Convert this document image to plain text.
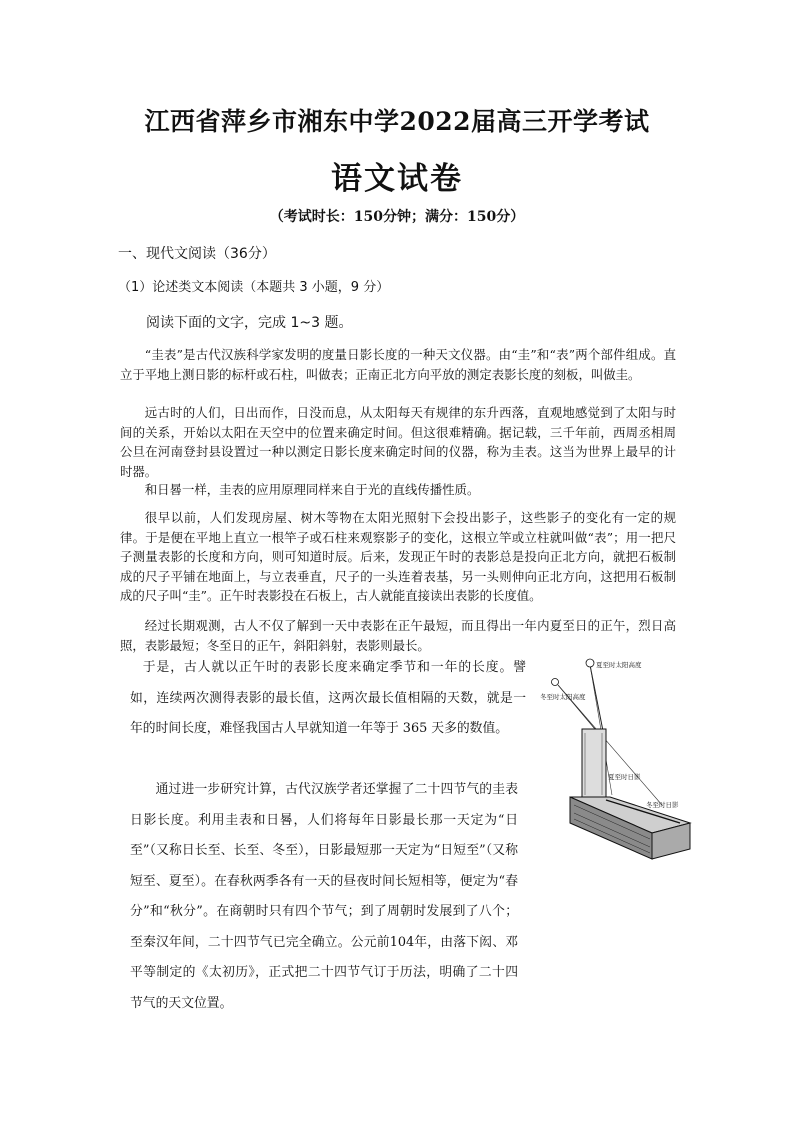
江西省萍乡市湘东中学2022届高三开学考试
语文试卷
（考试时长：150分钟；满分：150分）
一、现代文阅读（36分）
（1）论述类文本阅读（本题共 3 小题，9 分）
阅读下面的文字，完成 1~3 题。
“圭表”是古代汉族科学家发明的度量日影长度的一种天文仪器。由“圭”和“表”两个部件组成。直立于平地上测日影的标杆或石柱，叫做表；正南正北方向平放的测定表影长度的刻板，叫做圭。
远古时的人们，日出而作，日没而息，从太阳每天有规律的东升西落，直观地感觉到了太阳与时间的关系，开始以太阳在天空中的位置来确定时间。但这很难精确。据记载，三千年前，西周丞相周公旦在河南登封县设置过一种以测定日影长度来确定时间的仪器，称为圭表。这当为世界上最早的计时器。
和日晷一样，圭表的应用原理同样来自于光的直线传播性质。
很早以前，人们发现房屋、树木等物在太阳光照射下会投出影子，这些影子的变化有一定的规律。于是便在平地上直立一根竿子或石柱来观察影子的变化，这根立竿或立柱就叫做“表”；用一把尺子测量表影的长度和方向，则可知道时辰。后来，发现正午时的表影总是投向正北方向，就把石板制成的尺子平铺在地面上，与立表垂直，尺子的一头连着表基，另一头则伸向正北方向，这把用石板制成的尺子叫“圭”。正午时表影投在石板上，古人就能直接读出表影的长度值。
经过长期观测，古人不仅了解到一天中表影在正午最短，而且得出一年内夏至日的正午，烈日高照，表影最短；冬至日的正午，斜阳斜射，表影则最长。
于是，古人就以正午时的表影长度来确定季节和一年的长度。譬如，连续两次测得表影的最长值，这两次最长值相隔的天数，就是一年的时间长度，难怪我国古人早就知道一年等于 365 天多的数值。
通过进一步研究计算，古代汉族学者还掌握了二十四节气的圭表日影长度。利用圭表和日晷，人们将每年日影最长那一天定为“日至”（又称日长至、长至、冬至），日影最短那一天定为“日短至”（又称短至、夏至）。在春秋两季各有一天的昼夜时间长短相等，便定为“春分”和“秋分”。在商朝时只有四个节气；到了周朝时发展到了八个；至秦汉年间，二十四节气已完全确立。公元前104年，由落下闳、邓平等制定的《太初历》，正式把二十四节气订于历法，明确了二十四节气的天文位置。
夏至时太阳高度
冬至时太阳高度
夏至时日影
冬至时日影
